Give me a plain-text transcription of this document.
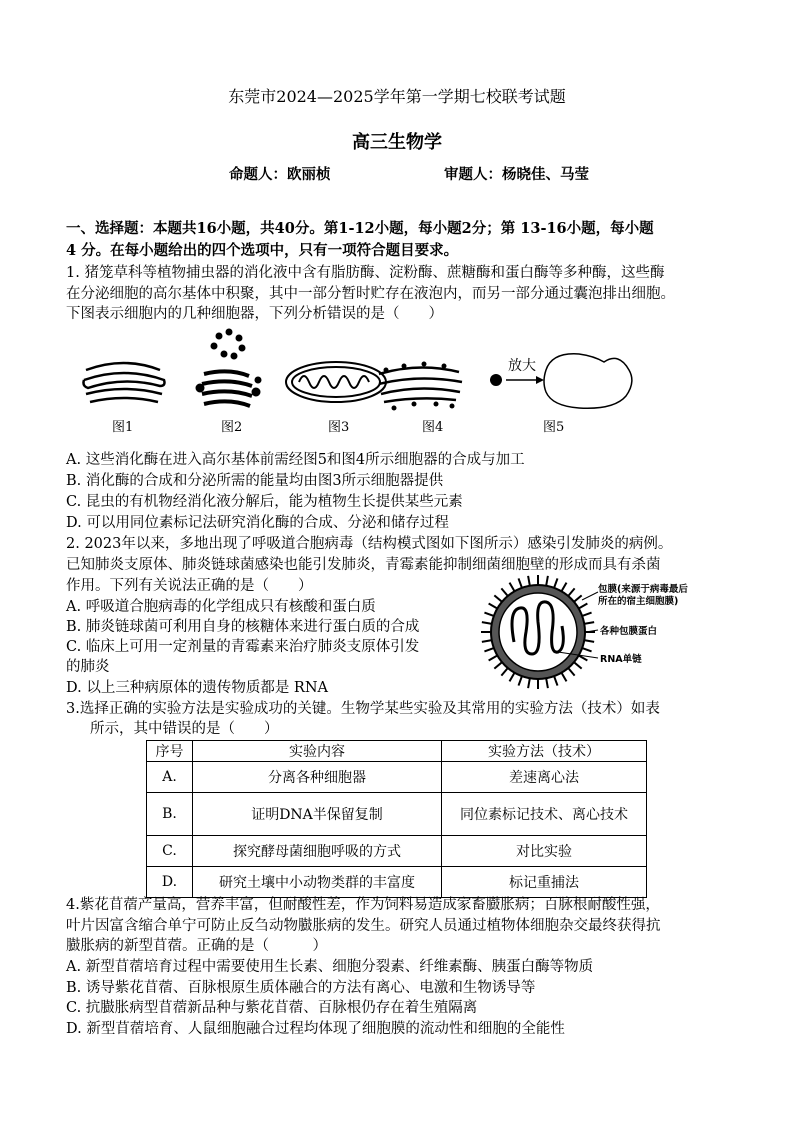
东莞市2024—2025学年第一学期七校联考试题
高三生物学
命题人：欧丽桢	审题人：杨晓佳、马莹
一、选择题：本题共16小题，共40分。第1-12小题，每小题2分；第 13-16小题，每小题
4 分。在每小题给出的四个选项中，只有一项符合题目要求。
1. 猪笼草科等植物捕虫器的消化液中含有脂肪酶、淀粉酶、蔗糖酶和蛋白酶等多种酶，这些酶
在分泌细胞的高尔基体中积聚，其中一部分暂时贮存在液泡内，而另一部分通过囊泡排出细胞。
下图表示细胞内的几种细胞器，下列分析错误的是（　　）
放大
图1	图2	图3	图4	图5
A. 这些消化酶在进入高尔基体前需经图5和图4所示细胞器的合成与加工
B. 消化酶的合成和分泌所需的能量均由图3所示细胞器提供
C. 昆虫的有机物经消化液分解后，能为植物生长提供某些元素
D. 可以用同位素标记法研究消化酶的合成、分泌和储存过程
2. 2023年以来，多地出现了呼吸道合胞病毒（结构模式图如下图所示）感染引发肺炎的病例。
已知肺炎支原体、肺炎链球菌感染也能引发肺炎，青霉素能抑制细菌细胞壁的形成而具有杀菌
作用。下列有关说法正确的是（　　）
A. 呼吸道合胞病毒的化学组成只有核酸和蛋白质
B. 肺炎链球菌可利用自身的核糖体来进行蛋白质的合成
C. 临床上可用一定剂量的青霉素来治疗肺炎支原体引发
的肺炎
D. 以上三种病原体的遗传物质都是 RNA
包膜(来源于病毒最后
所在的宿主细胞膜)
各种包膜蛋白
RNA单链
3.选择正确的实验方法是实验成功的关键。生物学某些实验及其常用的实验方法（技术）如表
所示，其中错误的是（　　）
序号	实验内容	实验方法（技术）
A.	分离各种细胞器	差速离心法
B.	证明DNA半保留复制	同位素标记技术、离心技术
C.	探究酵母菌细胞呼吸的方式	对比实验
D.	研究土壤中小动物类群的丰富度	标记重捕法
4.紫花苜蓿产量高，营养丰富，但耐酸性差，作为饲料易造成家畜臌胀病；百脉根耐酸性强，
叶片因富含缩合单宁可防止反刍动物臌胀病的发生。研究人员通过植物体细胞杂交最终获得抗
臌胀病的新型苜蓿。正确的是（　　　）
A. 新型苜蓿培育过程中需要使用生长素、细胞分裂素、纤维素酶、胰蛋白酶等物质
B. 诱导紫花苜蓿、百脉根原生质体融合的方法有离心、电激和生物诱导等
C. 抗臌胀病型苜蓿新品种与紫花苜蓿、百脉根仍存在着生殖隔离
D. 新型苜蓿培育、人鼠细胞融合过程均体现了细胞膜的流动性和细胞的全能性
